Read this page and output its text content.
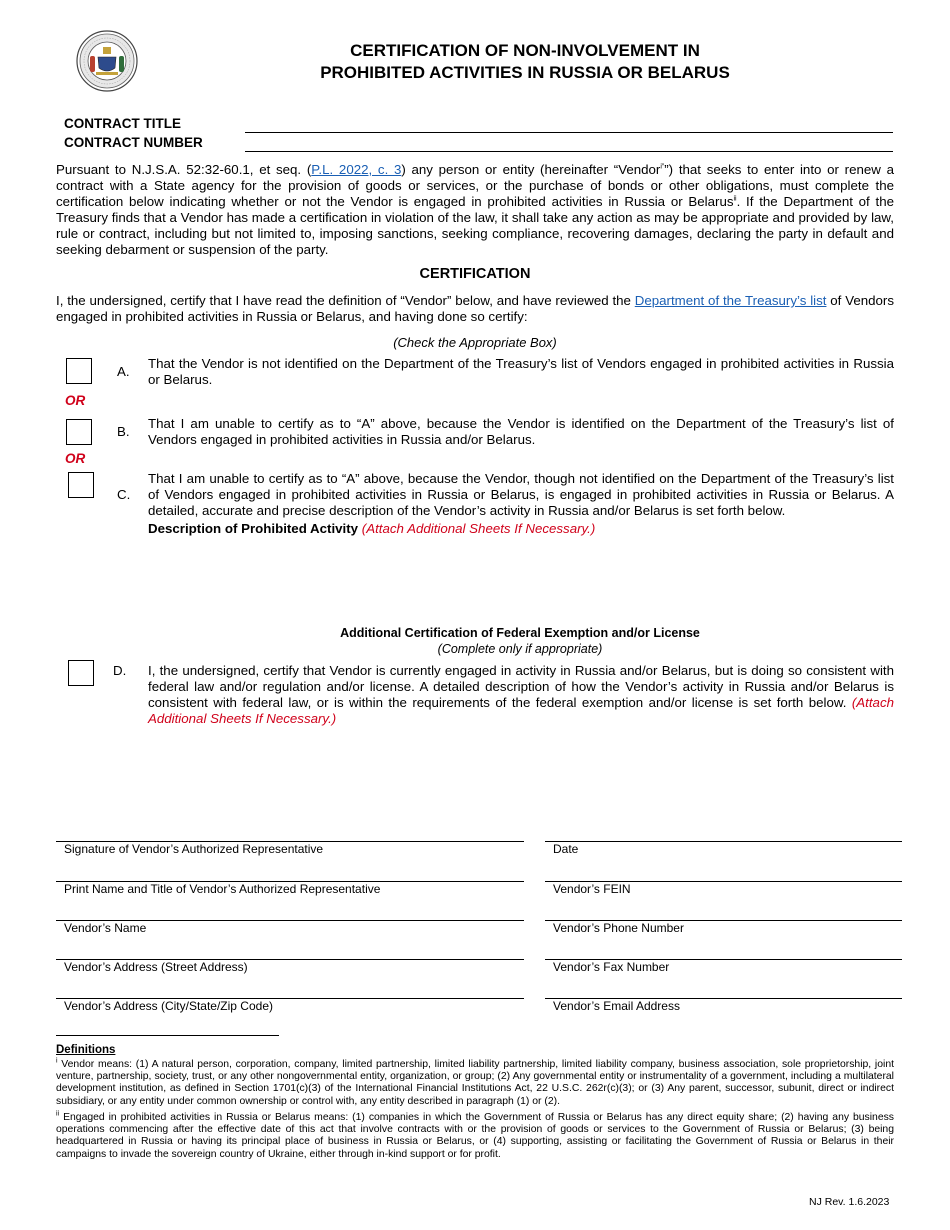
CERTIFICATION OF NON-INVOLVEMENT IN
PROHIBITED ACTIVITIES IN RUSSIA OR BELARUS
CONTRACT TITLE
CONTRACT NUMBER
Pursuant to N.J.S.A. 52:32-60.1, et seq. (P.L. 2022, c. 3) any person or entity (hereinafter “Vendor$^{i”}$”) that seeks to enter into or renew a contract with a State agency for the provision of goods or services, or the purchase of bonds or other obligations, must complete the certification below indicating whether or not the Vendor is engaged in prohibited activities in Russia or Belarus$^{ii}$. If the Department of the Treasury finds that a Vendor has made a certification in violation of the law, it shall take any action as may be appropriate and provided by law, rule or contract, including but not limited to, imposing sanctions, seeking compliance, recovering damages, declaring the party in default and seeking debarment or suspension of the party.
CERTIFICATION
I, the undersigned, certify that I have read the definition of “Vendor” below, and have reviewed the Department of the Treasury’s list of Vendors engaged in prohibited activities in Russia or Belarus, and having done so certify:
(Check the Appropriate Box)
A.
That the Vendor is not identified on the Department of the Treasury’s list of Vendors engaged in prohibited activities in Russia or Belarus.
OR
B.
That I am unable to certify as to “A” above, because the Vendor is identified on the Department of the Treasury’s list of Vendors engaged in prohibited activities in Russia and/or Belarus.
OR
C.
That I am unable to certify as to “A” above, because the Vendor, though not identified on the Department of the Treasury’s list of Vendors engaged in prohibited activities in Russia or Belarus, is engaged in prohibited activities in Russia or Belarus. A detailed, accurate and precise description of the Vendor’s activity in Russia and/or Belarus is set forth below.
Description of Prohibited Activity (Attach Additional Sheets If Necessary.)
Additional Certification of Federal Exemption and/or License
(Complete only if appropriate)
D. I, the undersigned, certify that Vendor is currently engaged in activity in Russia and/or Belarus, but is doing so consistent with federal law and/or regulation and/or license. A detailed description of how the Vendor’s activity in Russia and/or Belarus is consistent with federal law, or is within the requirements of the federal exemption and/or license is set forth below. (Attach Additional Sheets If Necessary.)
Signature of Vendor’s Authorized Representative	Date
Print Name and Title of Vendor’s Authorized Representative	Vendor’s FEIN
Vendor’s Name	Vendor’s Phone Number
Vendor’s Address (Street Address)	Vendor’s Fax Number
Vendor’s Address (City/State/Zip Code)	Vendor’s Email Address
Definitions
$^i$ Vendor means: (1) A natural person, corporation, company, limited partnership, limited liability partnership, limited liability company, business association, sole proprietorship, joint venture, partnership, society, trust, or any other nongovernmental entity, organization, or group; (2) Any governmental entity or instrumentality of a government, including a multilateral development institution, as defined in Section 1701(c)(3) of the International Financial Institutions Act, 22 U.S.C. 262r(c)(3); or (3) Any parent, successor, subunit, direct or indirect subsidiary, or any entity under common ownership or control with, any entity described in paragraph (1) or (2).
$^{ii}$ Engaged in prohibited activities in Russia or Belarus means: (1) companies in which the Government of Russia or Belarus has any direct equity share; (2) having any business operations commencing after the effective date of this act that involve contracts with or the provision of goods or services to the Government of Russia or Belarus; (3) being headquartered in Russia or having its principal place of business in Russia or Belarus, or (4) supporting, assisting or facilitating the Government of Russia or Belarus in their campaigns to invade the sovereign country of Ukraine, either through in-kind support or for profit.
NJ Rev. 1.6.2023
